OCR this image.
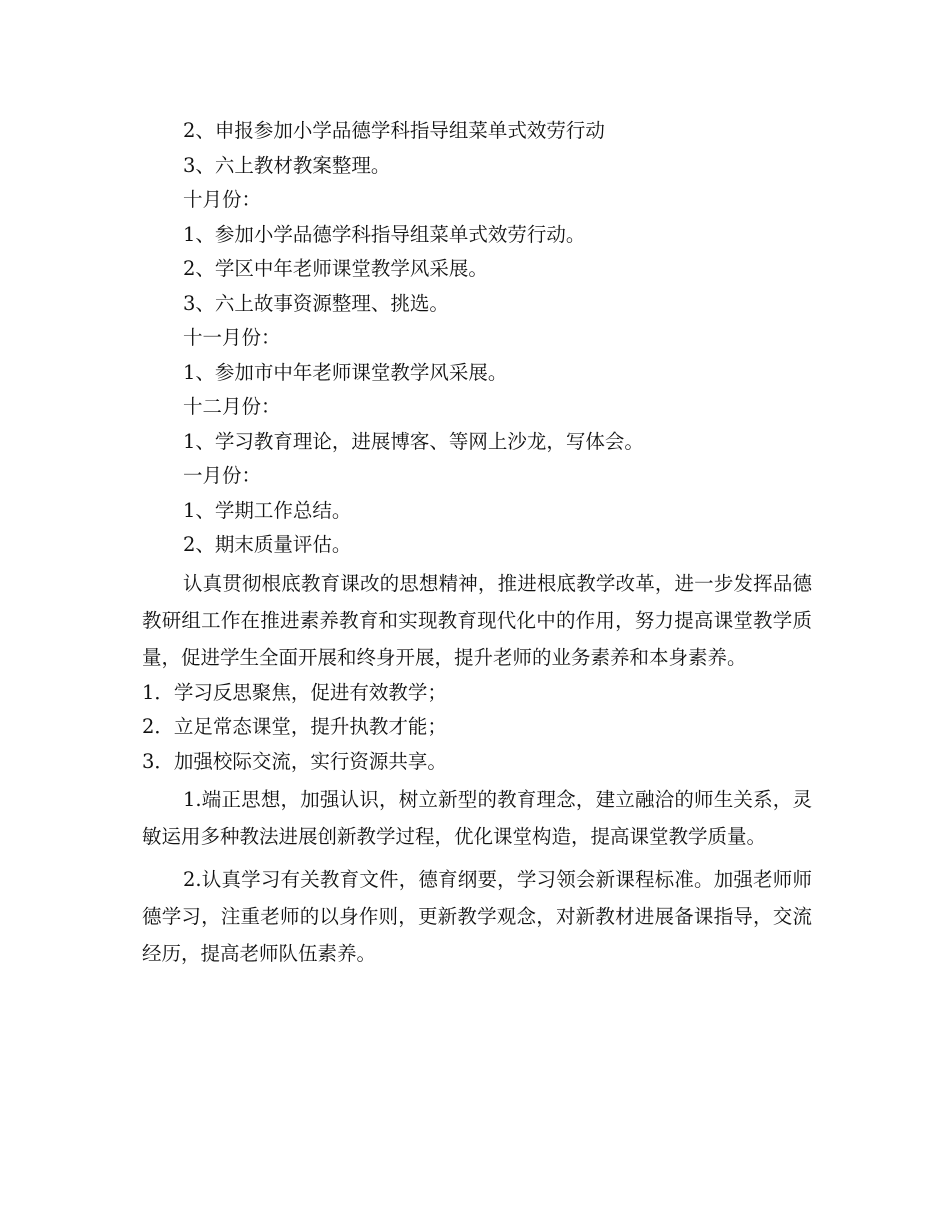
2、申报参加小学品德学科指导组菜单式效劳行动

3、六上教材教案整理。

十月份：

1、参加小学品德学科指导组菜单式效劳行动。

2、学区中年老师课堂教学风采展。

3、六上故事资源整理、挑选。

十一月份：

1、参加市中年老师课堂教学风采展。

十二月份：

1、学习教育理论，进展博客、等网上沙龙，写体会。

一月份：

1、学期工作总结。

2、期末质量评估。

认真贯彻根底教育课改的思想精神，推进根底教学改革，进一步发挥品德教研组工作在推进素养教育和实现教育现代化中的作用，努力提高课堂教学质量，促进学生全面开展和终身开展，提升老师的业务素养和本身素养。

1．学习反思聚焦，促进有效教学；

2．立足常态课堂，提升执教才能；

3．加强校际交流，实行资源共享。

1.端正思想，加强认识，树立新型的教育理念，建立融洽的师生关系，灵敏运用多种教法进展创新教学过程，优化课堂构造，提高课堂教学质量。

2.认真学习有关教育文件，德育纲要，学习领会新课程标准。加强老师师德学习，注重老师的以身作则，更新教学观念，对新教材进展备课指导，交流经历，提高老师队伍素养。
